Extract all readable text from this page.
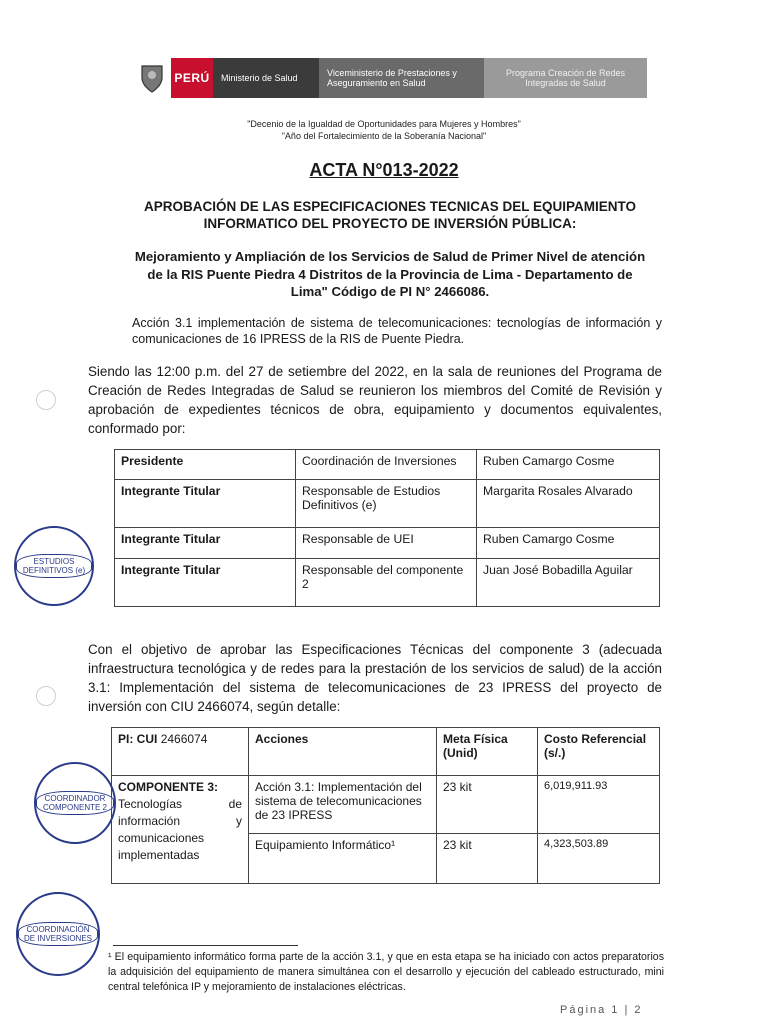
PERÚ	Ministerio de Salud	Viceministerio de Prestaciones y Aseguramiento en Salud
Programa Creación de Redes Integradas de Salud
"Decenio de la Igualdad de Oportunidades para Mujeres y Hombres"
"Año del Fortalecimiento de la Soberanía Nacional"
ACTA N°013-2022
APROBACIÓN DE LAS ESPECIFICACIONES TECNICAS DEL EQUIPAMIENTO INFORMATICO DEL PROYECTO DE INVERSIÓN PÚBLICA:
Mejoramiento y Ampliación de los Servicios de Salud de Primer Nivel de atención de la RIS Puente Piedra 4 Distritos de la Provincia de Lima - Departamento de Lima" Código de PI N° 2466086.
Acción 3.1 implementación de sistema de telecomunicaciones: tecnologías de información y comunicaciones de 16 IPRESS de la RIS de Puente Piedra.
Siendo las 12:00 p.m. del 27 de setiembre del 2022, en la sala de reuniones del Programa de Creación de Redes Integradas de Salud se reunieron los miembros del Comité de Revisión y aprobación de expedientes técnicos de obra, equipamiento y documentos equivalentes, conformado por:
Presidente	Coordinación de Inversiones	Ruben Camargo Cosme
Integrante Titular	Responsable de Estudios Definitivos (e)	Margarita Rosales Alvarado
Integrante Titular	Responsable de UEI	Ruben Camargo Cosme
Integrante Titular	Responsable del componente 2	Juan José Bobadilla Aguilar
Con el objetivo de aprobar las Especificaciones Técnicas del componente 3 (adecuada infraestructura tecnológica y de redes para la prestación de los servicios de salud) de la acción 3.1: Implementación del sistema de telecomunicaciones de 23 IPRESS del proyecto de inversión con CIU 2466074, según detalle:
PI: CUI 2466074	Acciones	Meta Física (Unid)	Costo Referencial (s/.)

COMPONENTE 3:
Tecnologías de información y comunicaciones implementadas	Acción 3.1: Implementación del sistema de telecomunicaciones de 23 IPRESS	23 kit	6,019,911.93
	Equipamiento Informático¹	23 kit	4,323,503.89
ESTUDIOS DEFINITIVOS (e)
COORDINADOR COMPONENTE 2
COORDINACIÓN DE INVERSIONES
¹ El equipamiento informático forma parte de la acción 3.1, y que en esta etapa se ha iniciado con actos preparatorios la adquisición del equipamiento de manera simultánea con el desarrollo y ejecución del cableado estructurado, mini central telefónica IP y mejoramiento de instalaciones eléctricas.
Página 1 | 2
